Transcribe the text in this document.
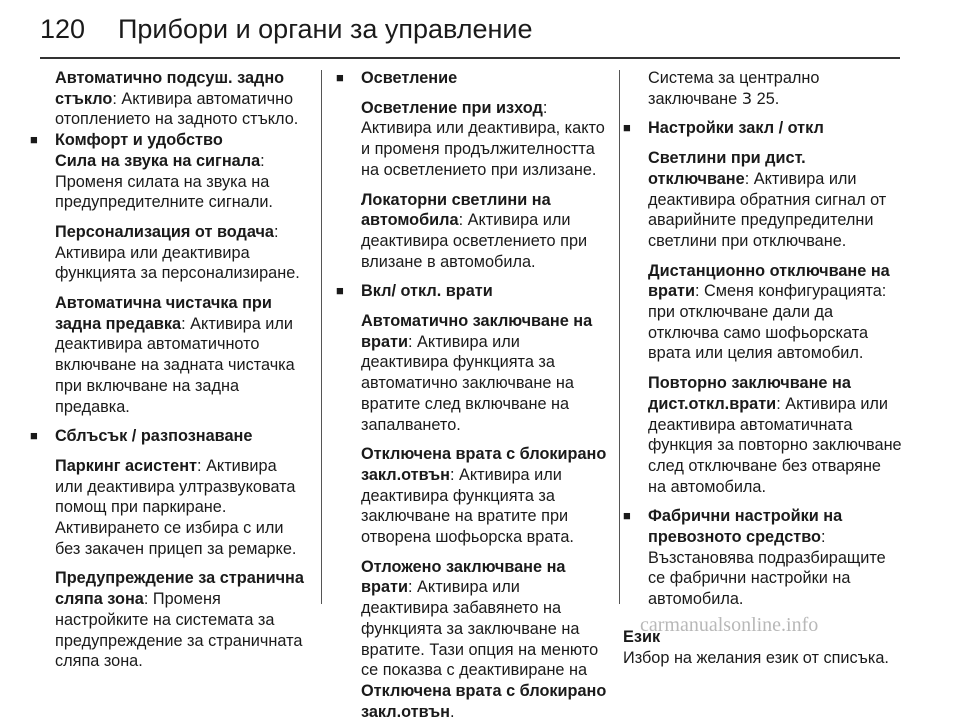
120 Прибори и органи за управление

Автоматично подсуш. задно стъкло: Активира автоматично отоплението на задното стъкло.

■ Комфорт и удобство

Сила на звука на сигнала: Променя силата на звука на предупредителните сигнали.

Персонализация от водача: Активира или деактивира функцията за персонализиране.

Автоматична чистачка при задна предавка: Активира или деактивира автоматичното включване на задната чистачка при включване на задна предавка.

■ Сблъсък / разпознаване

Паркинг асистент: Активира или деактивира ултразвуковата помощ при паркиране. Активирането се избира с или без закачен прицеп за ремарке.

Предупреждение за странична сляпа зона: Променя настройките на системата за предупреждение за страничната сляпа зона.

■ Осветление

Осветление при изход: Активира или деактивира, както и променя продължителността на осветлението при излизане.

Локаторни светлини на автомобила: Активира или деактивира осветлението при влизане в автомобила.

■ Вкл/ откл. врати

Автоматично заключване на врати: Активира или деактивира функцията за автоматично заключване на вратите след включване на запалването.

Отключена врата с блокирано закл.отвън: Активира или деактивира функцията за заключване на вратите при отворена шофьорска врата.

Отложено заключване на врати: Активира или деактивира забавянето на функцията за заключване на вратите. Тази опция на менюто се показва с деактивиране на Отключена врата с блокирано закл.отвън.

Система за централно заключване 3 25.

■ Настройки закл / откл

Светлини при дист. отключване: Активира или деактивира обратния сигнал от аварийните предупредителни светлини при отключване.

Дистанционно отключване на врати: Сменя конфигурацията: при отключване дали да отключва само шофьорската врата или целия автомобил.

Повторно заключване на дист.откл.врати: Активира или деактивира автоматичната функция за повторно заключване след отключване без отваряне на автомобила.

■ Фабрични настройки на превозното средство: Възстановява подразбиращите се фабрични настройки на автомобила.

Език

Избор на желания език от списъка.

carmanualsonline.info
